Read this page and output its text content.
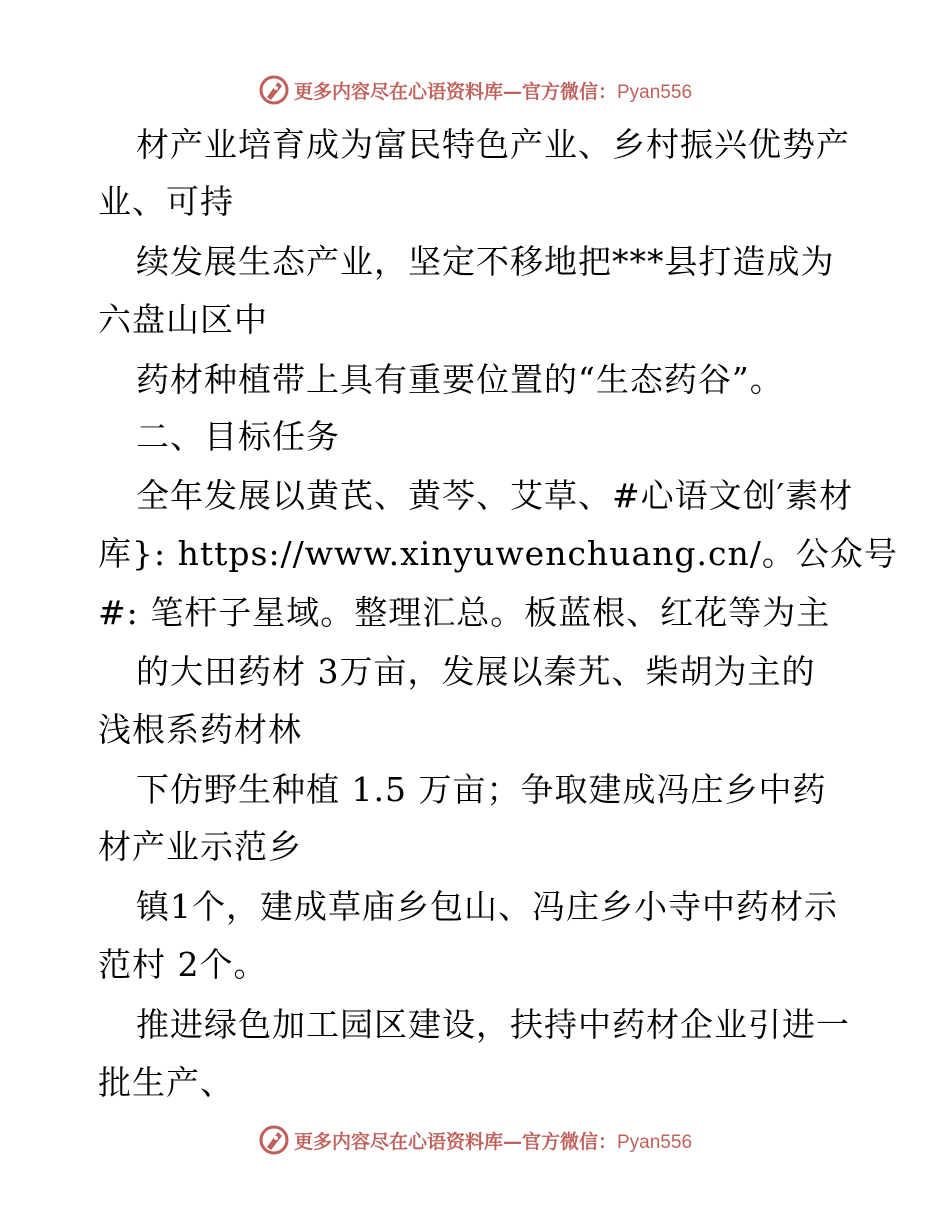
更多内容尽在心语资料库—官方微信：Pyan556
材产业培育成为富民特色产业、乡村振兴优势产
业、可持
续发展生态产业，坚定不移地把***县打造成为
六盘山区中
药材种植带上具有重要位置的“生态药谷”。
二、目标任务
全年发展以黄芪、黄芩、艾草、#心语文创′素材
库}: https://www.xinyuwenchuang.cn/。公众号
#: 笔杆子星域。整理汇总。板蓝根、红花等为主
的大田药材 3万亩，发展以秦艽、柴胡为主的
浅根系药材林
下仿野生种植 1.5 万亩；争取建成冯庄乡中药
材产业示范乡
镇1个，建成草庙乡包山、冯庄乡小寺中药材示
范村 2个。
推进绿色加工园区建设，扶持中药材企业引进一
批生产、
更多内容尽在心语资料库—官方微信：Pyan556
